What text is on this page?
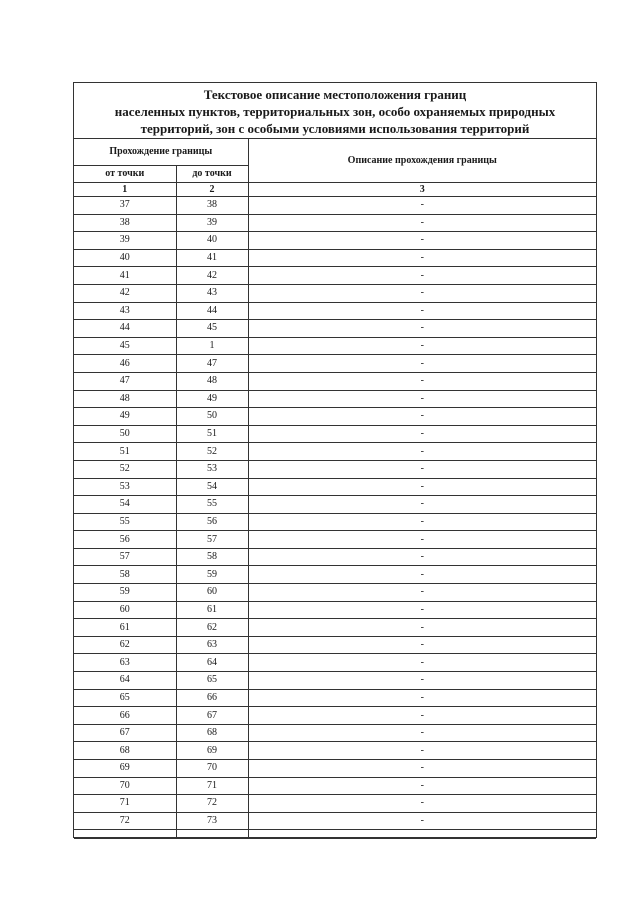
Текстовое описание местоположения границ
населенных пунктов, территориальных зон, особо охраняемых природных
территорий, зон с особыми условиями использования территорий
Прохождение границы		Описание прохождения границы
от точки	до точки	
1	2	3
37	38	-
38	39	-
39	40	-
40	41	-
41	42	-
42	43	-
43	44	-
44	45	-
45	1	-
46	47	-
47	48	-
48	49	-
49	50	-
50	51	-
51	52	-
52	53	-
53	54	-
54	55	-
55	56	-
56	57	-
57	58	-
58	59	-
59	60	-
60	61	-
61	62	-
62	63	-
63	64	-
64	65	-
65	66	-
66	67	-
67	68	-
68	69	-
69	70	-
70	71	-
71	72	-
72	73	-
